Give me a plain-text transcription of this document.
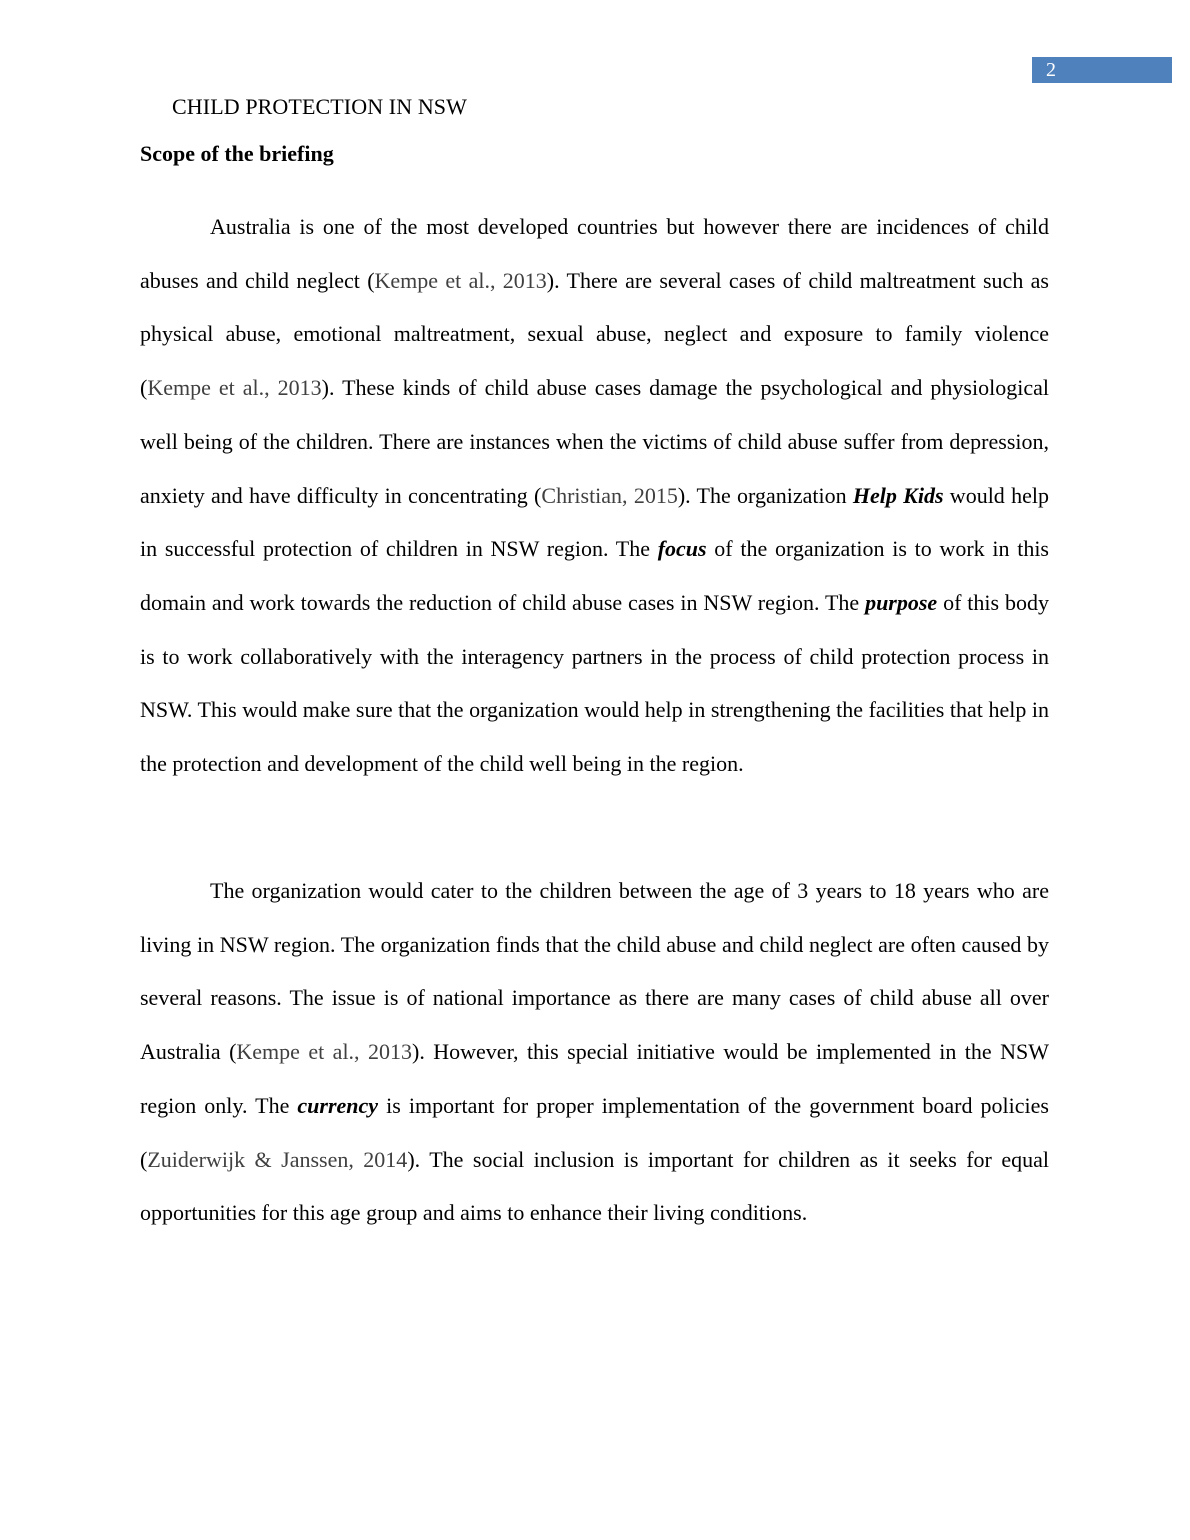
2
CHILD PROTECTION IN NSW
Scope of the briefing

Australia is one of the most developed countries but however there are incidences of child abuses and child neglect (Kempe et al., 2013). There are several cases of child maltreatment such as physical abuse, emotional maltreatment, sexual abuse, neglect and exposure to family violence (Kempe et al., 2013). These kinds of child abuse cases damage the psychological and physiological well being of the children. There are instances when the victims of child abuse suffer from depression, anxiety and have difficulty in concentrating (Christian, 2015). The organization Help Kids would help in successful protection of children in NSW region. The focus of the organization is to work in this domain and work towards the reduction of child abuse cases in NSW region. The purpose of this body is to work collaboratively with the interagency partners in the process of child protection process in NSW. This would make sure that the organization would help in strengthening the facilities that help in the protection and development of the child well being in the region.

The organization would cater to the children between the age of 3 years to 18 years who are living in NSW region. The organization finds that the child abuse and child neglect are often caused by several reasons. The issue is of national importance as there are many cases of child abuse all over Australia (Kempe et al., 2013). However, this special initiative would be implemented in the NSW region only. The currency is important for proper implementation of the government board policies (Zuiderwijk & Janssen, 2014). The social inclusion is important for children as it seeks for equal opportunities for this age group and aims to enhance their living conditions.
